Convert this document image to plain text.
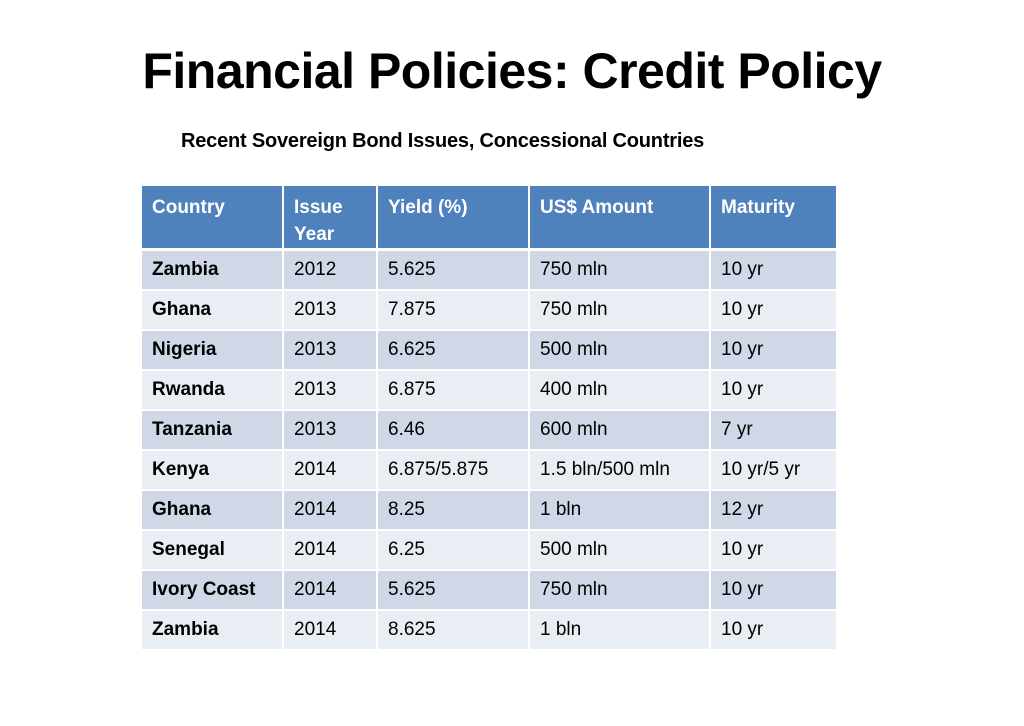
Financial Policies: Credit Policy
Recent Sovereign Bond Issues, Concessional Countries
Country	Issue Year	Yield (%)	US$ Amount	Maturity
Zambia	2012	5.625	750 mln	10 yr
Ghana	2013	7.875	750 mln	10 yr
Nigeria	2013	6.625	500 mln	10 yr
Rwanda	2013	6.875	400 mln	10 yr
Tanzania	2013	6.46	600 mln	7 yr
Kenya	2014	6.875/5.875	1.5 bln/500 mln	10 yr/5 yr
Ghana	2014	8.25	1 bln	12 yr
Senegal	2014	6.25	500 mln	10 yr
Ivory Coast	2014	5.625	750 mln	10 yr
Zambia	2014	8.625	1 bln	10 yr
